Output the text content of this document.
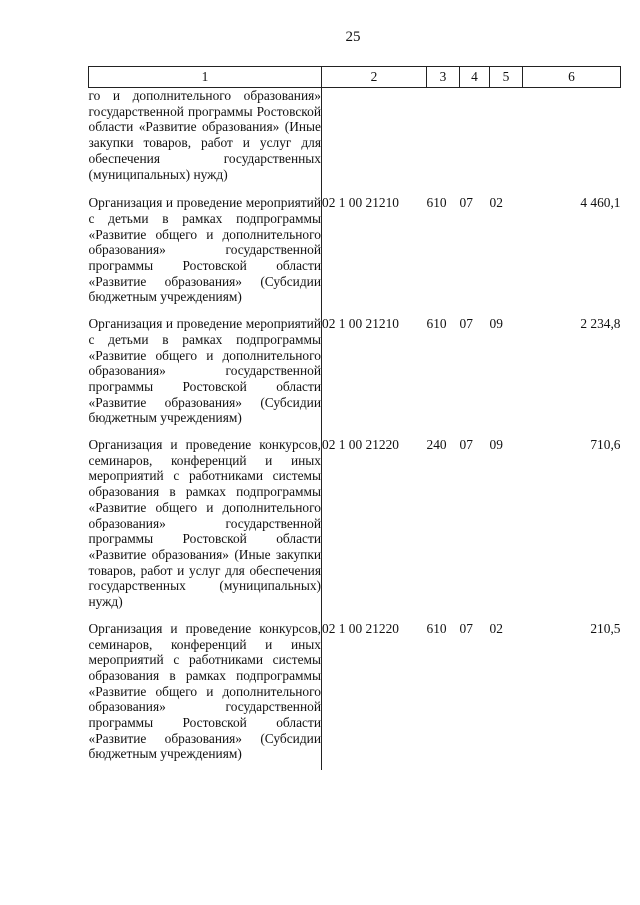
25
1	2	3	4	5	6
го и дополнительного образования» государственной программы Ростовской области «Развитие образования» (Иные закупки товаров, работ и услуг для обеспечения государственных (муниципальных) нужд)					
Организация и проведение мероприятий с детьми в рамках подпрограммы «Развитие общего и дополнительного образования» государственной программы Ростовской области «Развитие образования» (Субсидии бюджетным учреждениям)	02 1 00 21210	610	07	02	4 460,1
Организация и проведение мероприятий с детьми в рамках подпрограммы «Развитие общего и дополнительного образования» государственной программы Ростовской области «Развитие образования» (Субсидии бюджетным учреждениям)	02 1 00 21210	610	07	09	2 234,8
Организация и проведение конкурсов, семинаров, конференций и иных мероприятий с работниками системы образования в рамках подпрограммы «Развитие общего и дополнительного образования» государственной программы Ростовской области «Развитие образования» (Иные закупки товаров, работ и услуг для обеспечения государственных (муниципальных) нужд)	02 1 00 21220	240	07	09	710,6
Организация и проведение конкурсов, семинаров, конференций и иных мероприятий с работниками системы образования в рамках подпрограммы «Развитие общего и дополнительного образования» государственной программы Ростовской области «Развитие образования» (Субсидии бюджетным учреждениям)	02 1 00 21220	610	07	02	210,5
